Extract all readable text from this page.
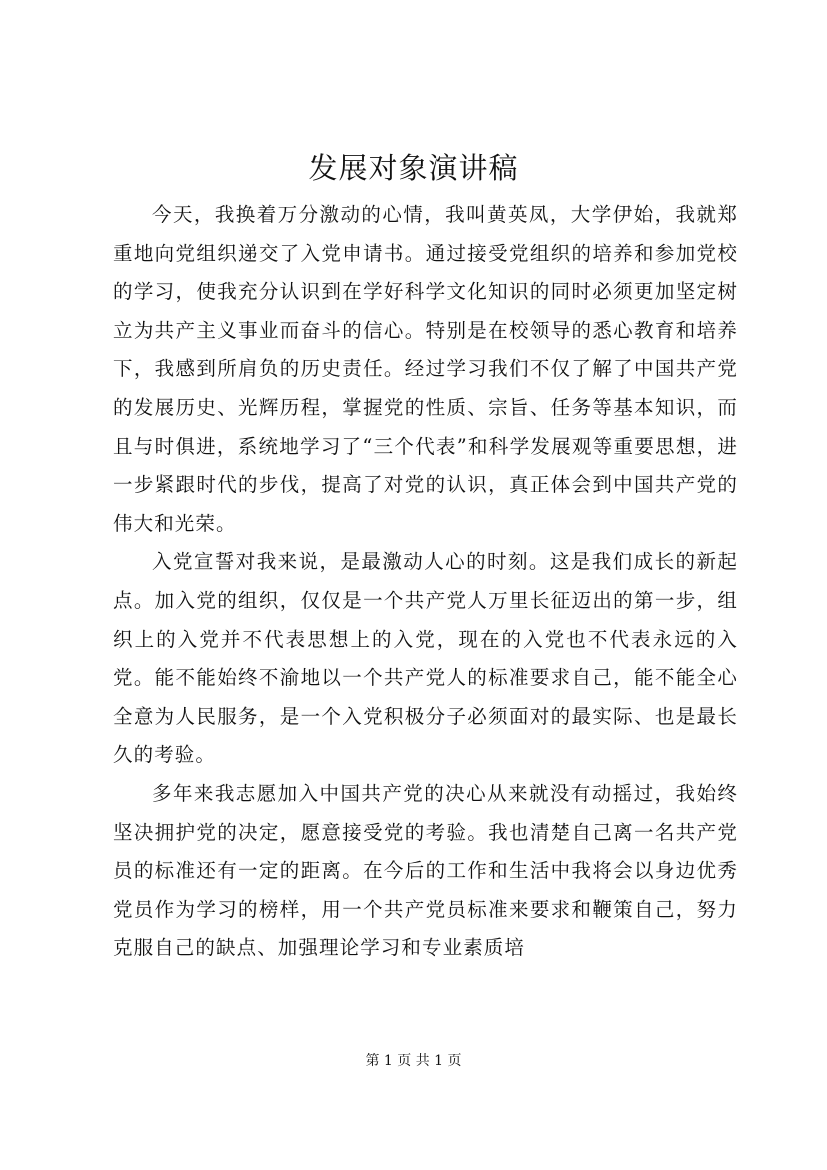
发展对象演讲稿

今天，我换着万分激动的心情，我叫黄英凤，大学伊始，我就郑重地向党组织递交了入党申请书。通过接受党组织的培养和参加党校的学习，使我充分认识到在学好科学文化知识的同时必须更加坚定树立为共产主义事业而奋斗的信心。特别是在校领导的悉心教育和培养下，我感到所肩负的历史责任。经过学习我们不仅了解了中国共产党的发展历史、光辉历程，掌握党的性质、宗旨、任务等基本知识，而且与时俱进，系统地学习了“三个代表”和科学发展观等重要思想，进一步紧跟时代的步伐，提高了对党的认识，真正体会到中国共产党的伟大和光荣。

入党宣誓对我来说，是最激动人心的时刻。这是我们成长的新起点。加入党的组织，仅仅是一个共产党人万里长征迈出的第一步，组织上的入党并不代表思想上的入党，现在的入党也不代表永远的入党。能不能始终不渝地以一个共产党人的标准要求自己，能不能全心全意为人民服务，是一个入党积极分子必须面对的最实际、也是最长久的考验。

多年来我志愿加入中国共产党的决心从来就没有动摇过，我始终坚决拥护党的决定，愿意接受党的考验。我也清楚自己离一名共产党员的标准还有一定的距离。在今后的工作和生活中我将会以身边优秀党员作为学习的榜样，用一个共产党员标准来要求和鞭策自己，努力克服自己的缺点、加强理论学习和专业素质培

第 1 页 共 1 页
